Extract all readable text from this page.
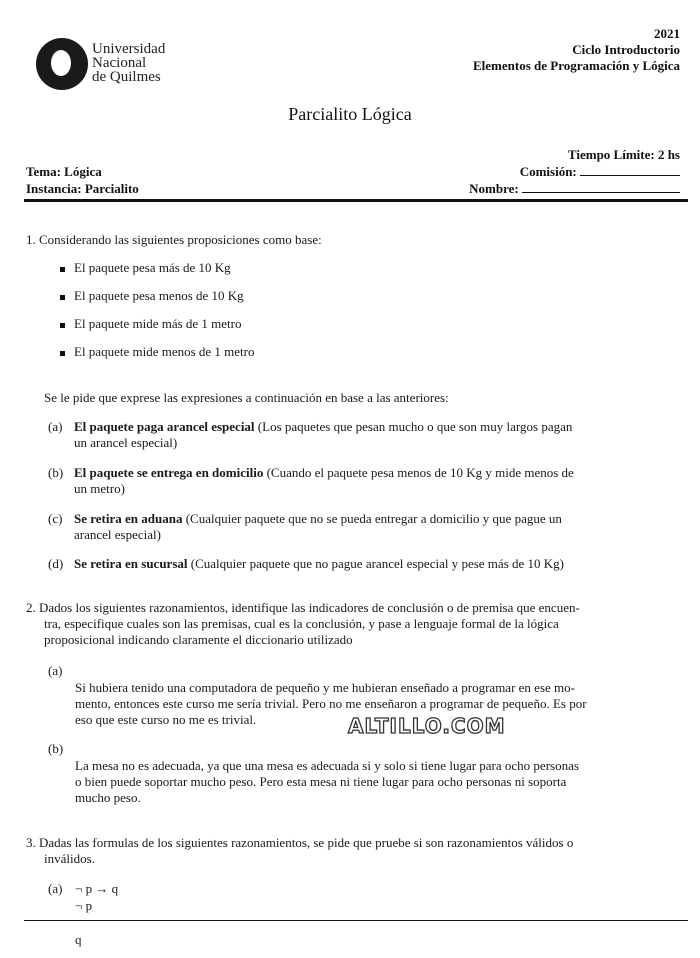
Universidad
Nacional
de Quilmes
2021
Ciclo Introductorio
Elementos de Programación y Lógica
Parcialito Lógica
Tiempo Límite: 2 hs
Tema: Lógica	Comisión:
Instancia: Parcialito	Nombre:
1. Considerando las siguientes proposiciones como base:
El paquete pesa más de 10 Kg
El paquete pesa menos de 10 Kg
El paquete mide más de 1 metro
El paquete mide menos de 1 metro
Se le pide que exprese las expresiones a continuación en base a las anteriores:
(a) El paquete paga arancel especial (Los paquetes que pesan mucho o que son muy largos pagan
un arancel especial)
(b) El paquete se entrega en domicilio (Cuando el paquete pesa menos de 10 Kg y mide menos de
un metro)
(c) Se retira en aduana (Cualquier paquete que no se pueda entregar a domicilio y que pague un
arancel especial)
(d) Se retira en sucursal (Cualquier paquete que no pague arancel especial y pese más de 10 Kg)
2. Dados los siguientes razonamientos, identifique las indicadores de conclusión o de premisa que encuen-
tra, especifique cuales son las premisas, cual es la conclusión, y pase a lenguaje formal de la lógica
proposicional indicando claramente el diccionario utilizado
(a)
Si hubiera tenido una computadora de pequeño y me hubieran enseñado a programar en ese mo-
mento, entonces este curso me sería trivial. Pero no me enseñaron a programar de pequeño. Es por
eso que este curso no me es trivial.	ALTILLO.COM
(b)
La mesa no es adecuada, ya que una mesa es adecuada si y solo si tiene lugar para ocho personas
o bien puede soportar mucho peso. Pero esta mesa ni tiene lugar para ocho personas ni soporta
mucho peso.
3. Dadas las formulas de los siguientes razonamientos, se pide que pruebe si son razonamientos válidos o
inválidos.
(a) ¬ p → q
¬ p
q
